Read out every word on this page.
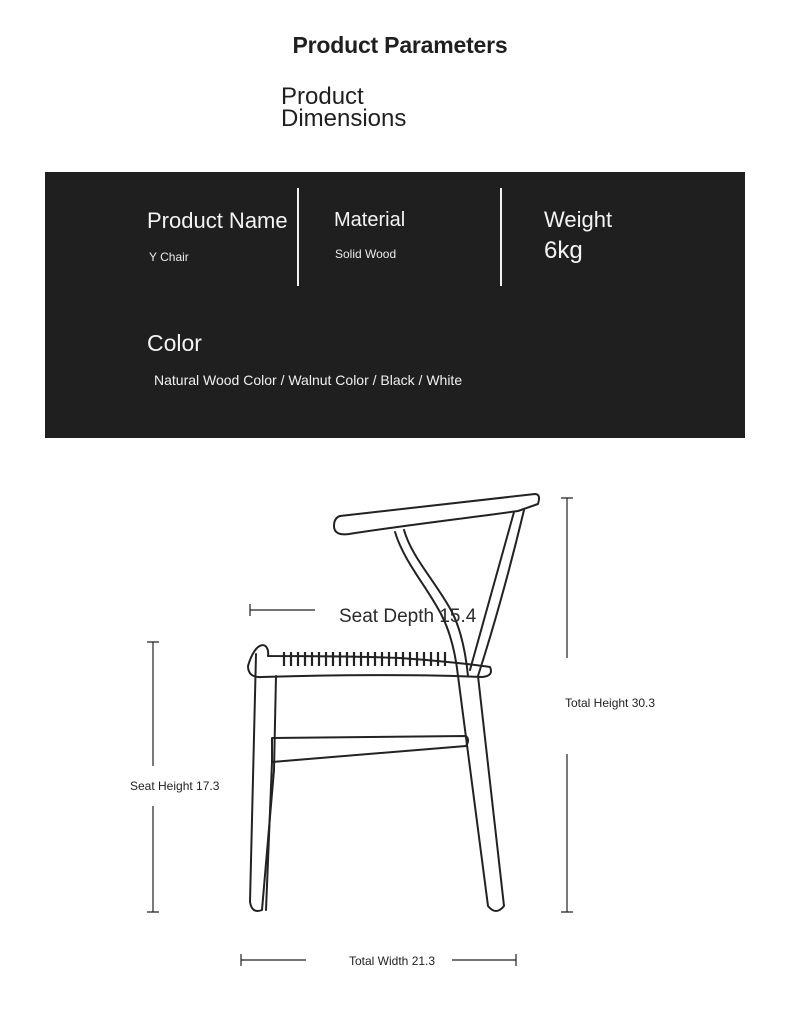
Product Parameters
Product
Dimensions
Product Name
Y Chair
Material
Solid Wood
Weight
6kg
Color
Natural Wood Color / Walnut Color / Black / White
Seat Depth 15.4
Total Height 30.3
Seat Height 17.3
Total Width 21.3
